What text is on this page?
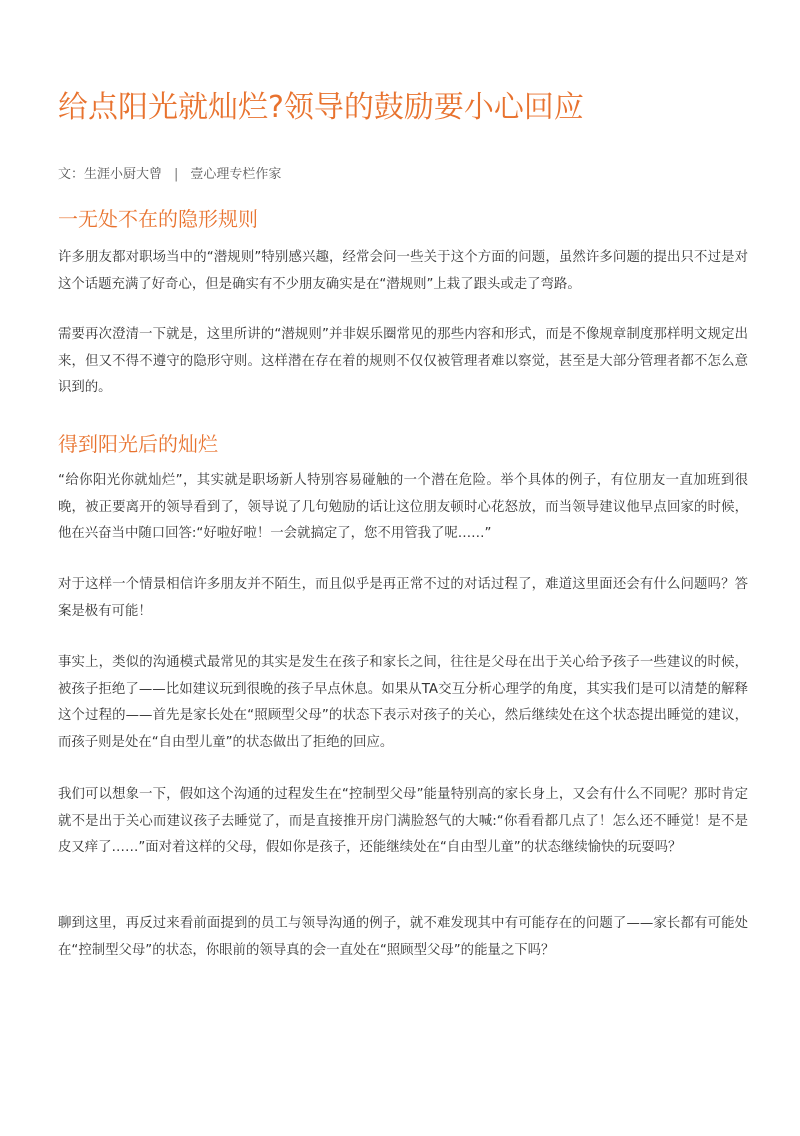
给点阳光就灿烂?领导的鼓励要小心回应
文：生涯小厨大曾 | 壹心理专栏作家
一无处不在的隐形规则

许多朋友都对职场当中的“潜规则”特别感兴趣，经常会问一些关于这个方面的问题，虽然许多问题的提出只不过是对这个话题充满了好奇心，但是确实有不少朋友确实是在“潜规则”上栽了跟头或走了弯路。

需要再次澄清一下就是，这里所讲的“潜规则”并非娱乐圈常见的那些内容和形式，而是不像规章制度那样明文规定出来，但又不得不遵守的隐形守则。这样潜在存在着的规则不仅仅被管理者难以察觉，甚至是大部分管理者都不怎么意识到的。

得到阳光后的灿烂

“给你阳光你就灿烂”，其实就是职场新人特别容易碰触的一个潜在危险。举个具体的例子，有位朋友一直加班到很晚，被正要离开的领导看到了，领导说了几句勉励的话让这位朋友顿时心花怒放，而当领导建议他早点回家的时候，他在兴奋当中随口回答:“好啦好啦！一会就搞定了，您不用管我了呢……”

对于这样一个情景相信许多朋友并不陌生，而且似乎是再正常不过的对话过程了，难道这里面还会有什么问题吗？答案是极有可能！

事实上，类似的沟通模式最常见的其实是发生在孩子和家长之间，往往是父母在出于关心给予孩子一些建议的时候，被孩子拒绝了——比如建议玩到很晚的孩子早点休息。如果从TA交互分析心理学的角度，其实我们是可以清楚的解释这个过程的——首先是家长处在“照顾型父母”的状态下表示对孩子的关心，然后继续处在这个状态提出睡觉的建议，而孩子则是处在“自由型儿童”的状态做出了拒绝的回应。

我们可以想象一下，假如这个沟通的过程发生在“控制型父母”能量特别高的家长身上，又会有什么不同呢？那时肯定就不是出于关心而建议孩子去睡觉了，而是直接推开房门满脸怒气的大喊:“你看看都几点了！怎么还不睡觉！是不是皮又痒了……”面对着这样的父母，假如你是孩子，还能继续处在“自由型儿童”的状态继续愉快的玩耍吗？

聊到这里，再反过来看前面提到的员工与领导沟通的例子，就不难发现其中有可能存在的问题了——家长都有可能处在“控制型父母”的状态，你眼前的领导真的会一直处在“照顾型父母”的能量之下吗？
